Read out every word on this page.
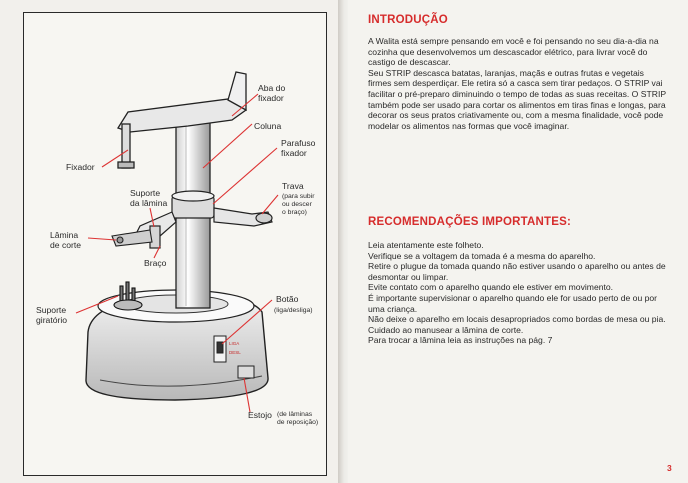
LIGA
DESL
Aba do
fixador
Coluna
Parafuso
fixador
Fixador
Suporte
da lâmina
Trava
(para subir
ou descer
o braço)
Lâmina
de corte
Braço
Suporte
giratório
Botão
(liga/desliga)
Estojo (de lâminas
de reposição)
INTRODUÇÃO

A Walita está sempre pensando em você e foi pensando no seu dia-a-dia na cozinha que desenvolvemos um descascador elétrico, para livrar você do castigo de descascar.

Seu STRIP descasca batatas, laranjas, maçãs e outras frutas e vegetais firmes sem desperdiçar. Ele retira só a casca sem tirar pedaços. O STRIP vai facilitar o pré-preparo diminuindo o tempo de todas as suas receitas. O STRIP também pode ser usado para cortar os alimentos em tiras finas e longas, para decorar os seus pratos criativamente ou, com a mesma finalidade, você pode modelar os alimentos nas formas que você imaginar.

RECOMENDAÇÕES IMPORTANTES:

Leia atentamente este folheto.

Verifique se a voltagem da tomada é a mesma do aparelho.

Retire o plugue da tomada quando não estiver usando o aparelho ou antes de desmontar ou limpar.

Evite contato com o aparelho quando ele estiver em movimento.

É importante supervisionar o aparelho quando ele for usado perto de ou por uma criança.

Não deixe o aparelho em locais desapropriados como bordas de mesa ou pia.

Cuidado ao manusear a lâmina de corte.

Para trocar a lâmina leia as instruções na pág. 7

3
